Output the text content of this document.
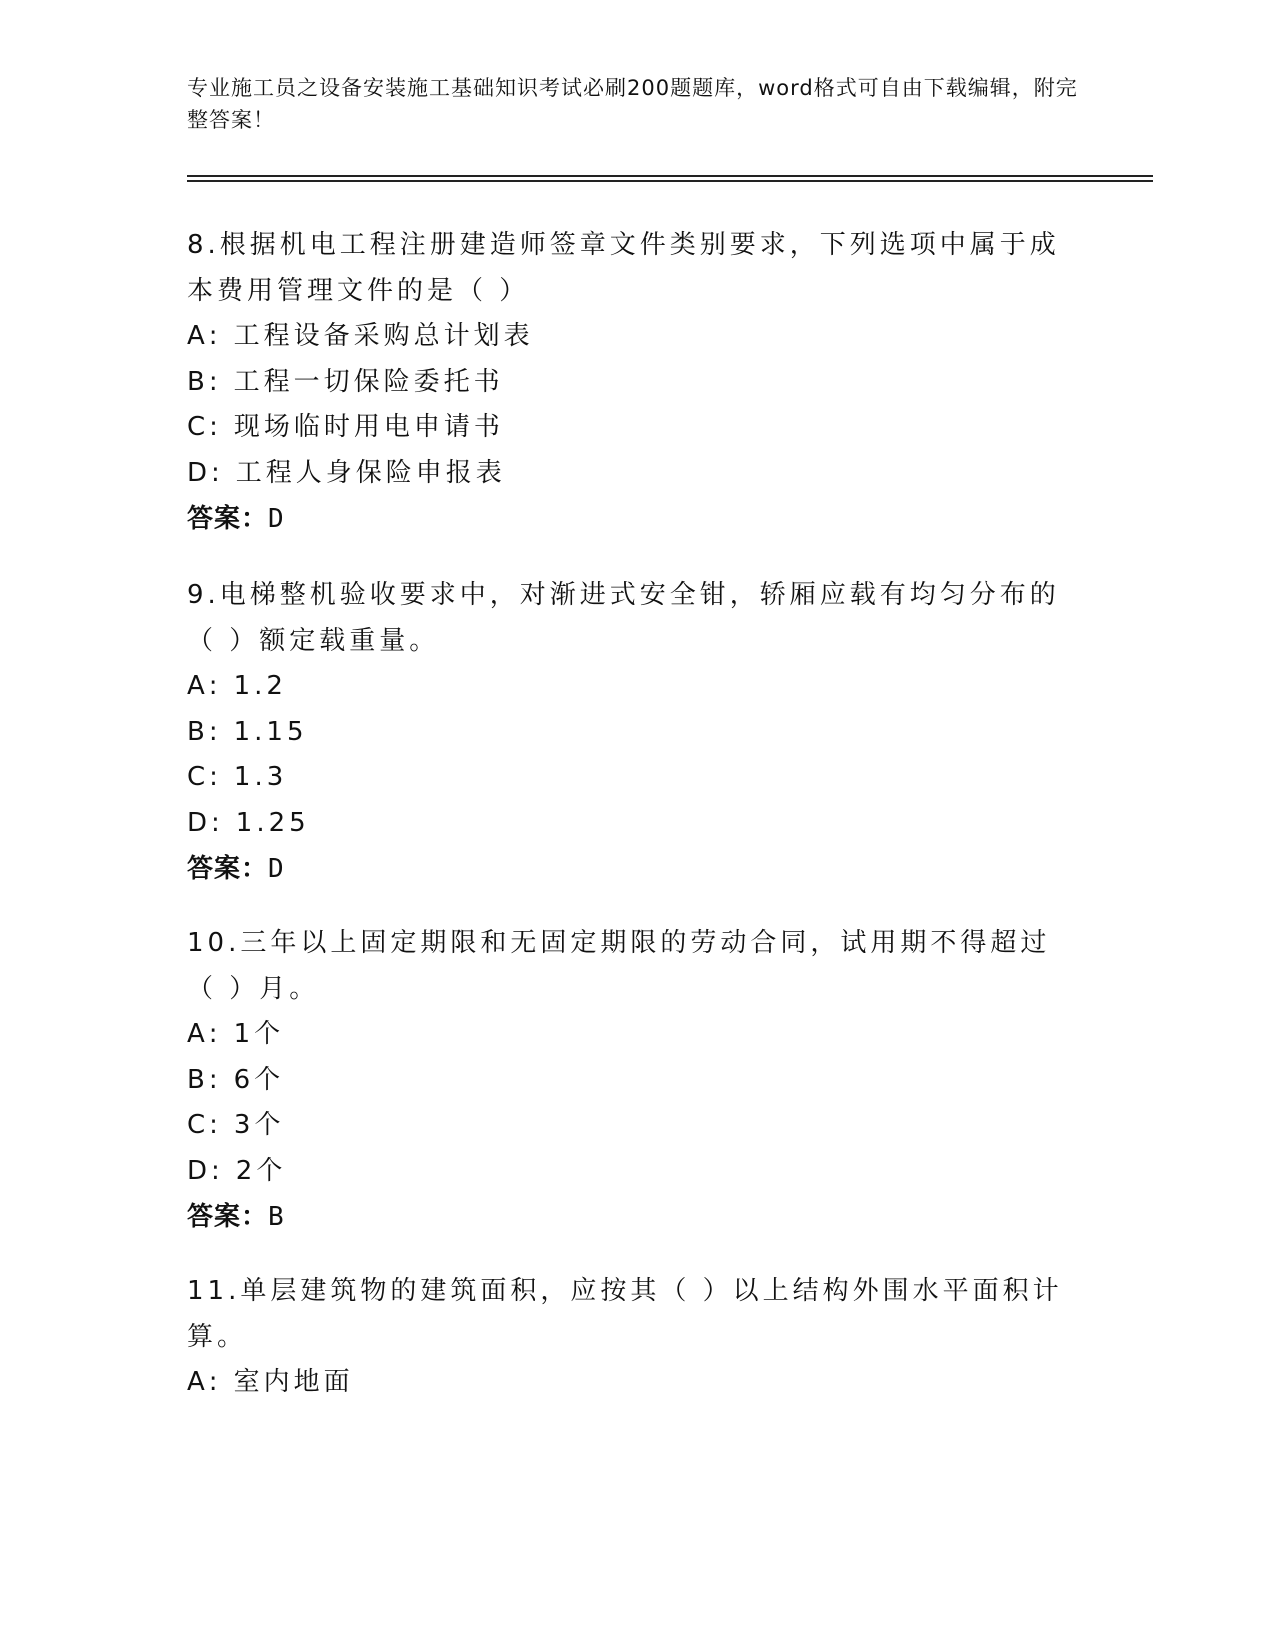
专业施工员之设备安装施工基础知识考试必刷200题题库，word格式可自由下载编辑，附完整答案！
8.根据机电工程注册建造师签章文件类别要求，下列选项中属于成本费用管理文件的是（ ）
A: 工程设备采购总计划表
B: 工程一切保险委托书
C: 现场临时用电申请书
D: 工程人身保险申报表
答案：D
9.电梯整机验收要求中，对渐进式安全钳，轿厢应载有均匀分布的（ ）额定载重量。
A: 1.2
B: 1.15
C: 1.3
D: 1.25
答案：D
10.三年以上固定期限和无固定期限的劳动合同，试用期不得超过（ ）月。
A: 1个
B: 6个
C: 3个
D: 2个
答案：B
11.单层建筑物的建筑面积，应按其（ ）以上结构外围水平面积计算。
A: 室内地面
